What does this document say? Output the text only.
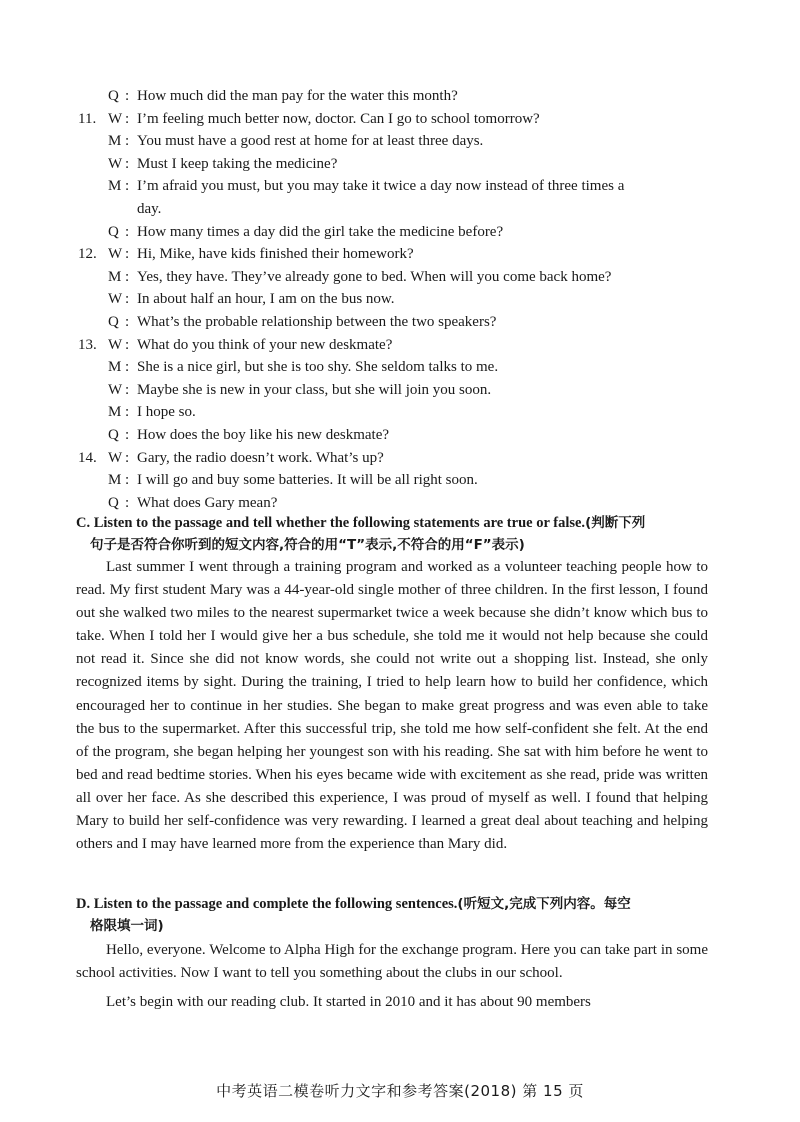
Q : How much did the man pay for the water this month?
11. W : I’m feeling much better now, doctor. Can I go to school tomorrow?
M : You must have a good rest at home for at least three days.
W : Must I keep taking the medicine?
M : I’m afraid you must, but you may take it twice a day now instead of three times a
day.
Q : How many times a day did the girl take the medicine before?
12. W : Hi, Mike, have kids finished their homework?
M : Yes, they have. They’ve already gone to bed. When will you come back home?
W : In about half an hour, I am on the bus now.
Q : What’s the probable relationship between the two speakers?
13. W : What do you think of your new deskmate?
M : She is a nice girl, but she is too shy. She seldom talks to me.
W : Maybe she is new in your class, but she will join you soon.
M : I hope so.
Q : How does the boy like his new deskmate?
14. W : Gary, the radio doesn’t work. What’s up?
M : I will go and buy some batteries. It will be all right soon.
Q : What does Gary mean?

C. Listen to the passage and tell whether the following statements are true or false.(判断下列
句子是否符合你听到的短文内容,符合的用“T”表示,不符合的用“F”表示)

Last summer I went through a training program and worked as a volunteer teaching people how to read. My first student Mary was a 44-year-old single mother of three children. In the first lesson, I found out she walked two miles to the nearest supermarket twice a week because she didn’t know which bus to take. When I told her I would give her a bus schedule, she told me it would not help because she could not read it. Since she did not know words, she could not write out a shopping list. Instead, she only recognized items by sight. During the training, I tried to help learn how to build her confidence, which encouraged her to continue in her studies. She began to make great progress and was even able to take the bus to the supermarket. After this successful trip, she told me how self-confident she felt. At the end of the program, she began helping her youngest son with his reading. She sat with him before he went to bed and read bedtime stories. When his eyes became wide with excitement as she read, pride was written all over her face. As she described this experience, I was proud of myself as well. I found that helping Mary to build her self-confidence was very rewarding. I learned a great deal about teaching and helping others and I may have learned more from the experience than Mary did.

D. Listen to the passage and complete the following sentences.(听短文,完成下列内容。每空
格限填一词)

Hello, everyone. Welcome to Alpha High for the exchange program. Here you can take part in some school activities. Now I want to tell you something about the clubs in our school.

Let’s begin with our reading club. It started in 2010 and it has about 90 members

中考英语二模卷听力文字和参考答案(2018) 第 15 页
